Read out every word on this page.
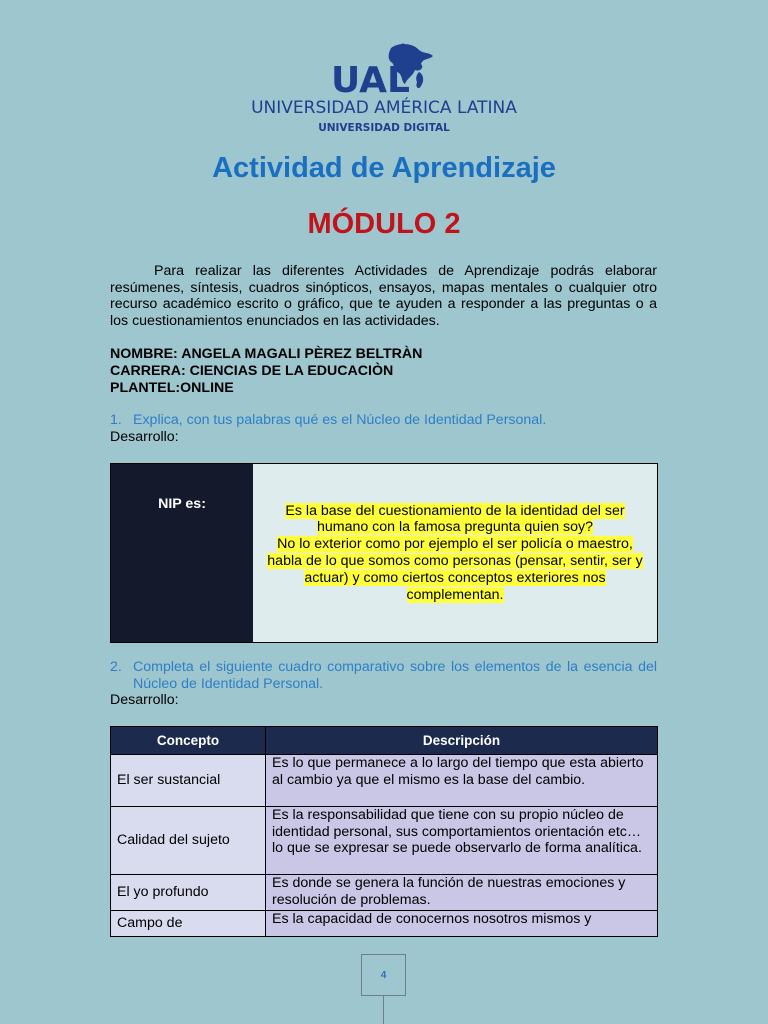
UAL
UNIVERSIDAD AMÉRICA LATINA
UNIVERSIDAD DIGITAL
Actividad de Aprendizaje
MÓDULO 2

Para realizar las diferentes Actividades de Aprendizaje podrás elaborar resúmenes, síntesis, cuadros sinópticos, ensayos, mapas mentales o cualquier otro recurso académico escrito o gráfico, que te ayuden a responder a las preguntas o a los cuestionamientos enunciados en las actividades.

NOMBRE: ANGELA MAGALI PÈREZ BELTRÀN
CARRERA: CIENCIAS DE LA EDUCACIÒN
PLANTEL:ONLINE
1. Explica, con tus palabras qué es el Núcleo de Identidad Personal.
Desarrollo:
NIP es:	Es la base del cuestionamiento de la identidad del ser humano con la famosa pregunta quien soy?
No lo exterior como por ejemplo el ser policía o maestro, habla de lo que somos como personas (pensar, sentir, ser y actuar) y como ciertos conceptos exteriores nos complementan.
2. Completa el siguiente cuadro comparativo sobre los elementos de la esencia del Núcleo de Identidad Personal.
Desarrollo:
Concepto	Descripción
El ser sustancial	Es lo que permanece a lo largo del tiempo que esta abierto al cambio ya que el mismo es la base del cambio.
Calidad del sujeto	Es la responsabilidad que tiene con su propio núcleo de identidad personal, sus comportamientos orientación etc…lo que se expresar se puede observarlo de forma analítica.
El yo profundo	Es donde se genera la función de nuestras emociones y resolución de problemas.
Campo de	Es la capacidad de conocernos nosotros mismos y
4
